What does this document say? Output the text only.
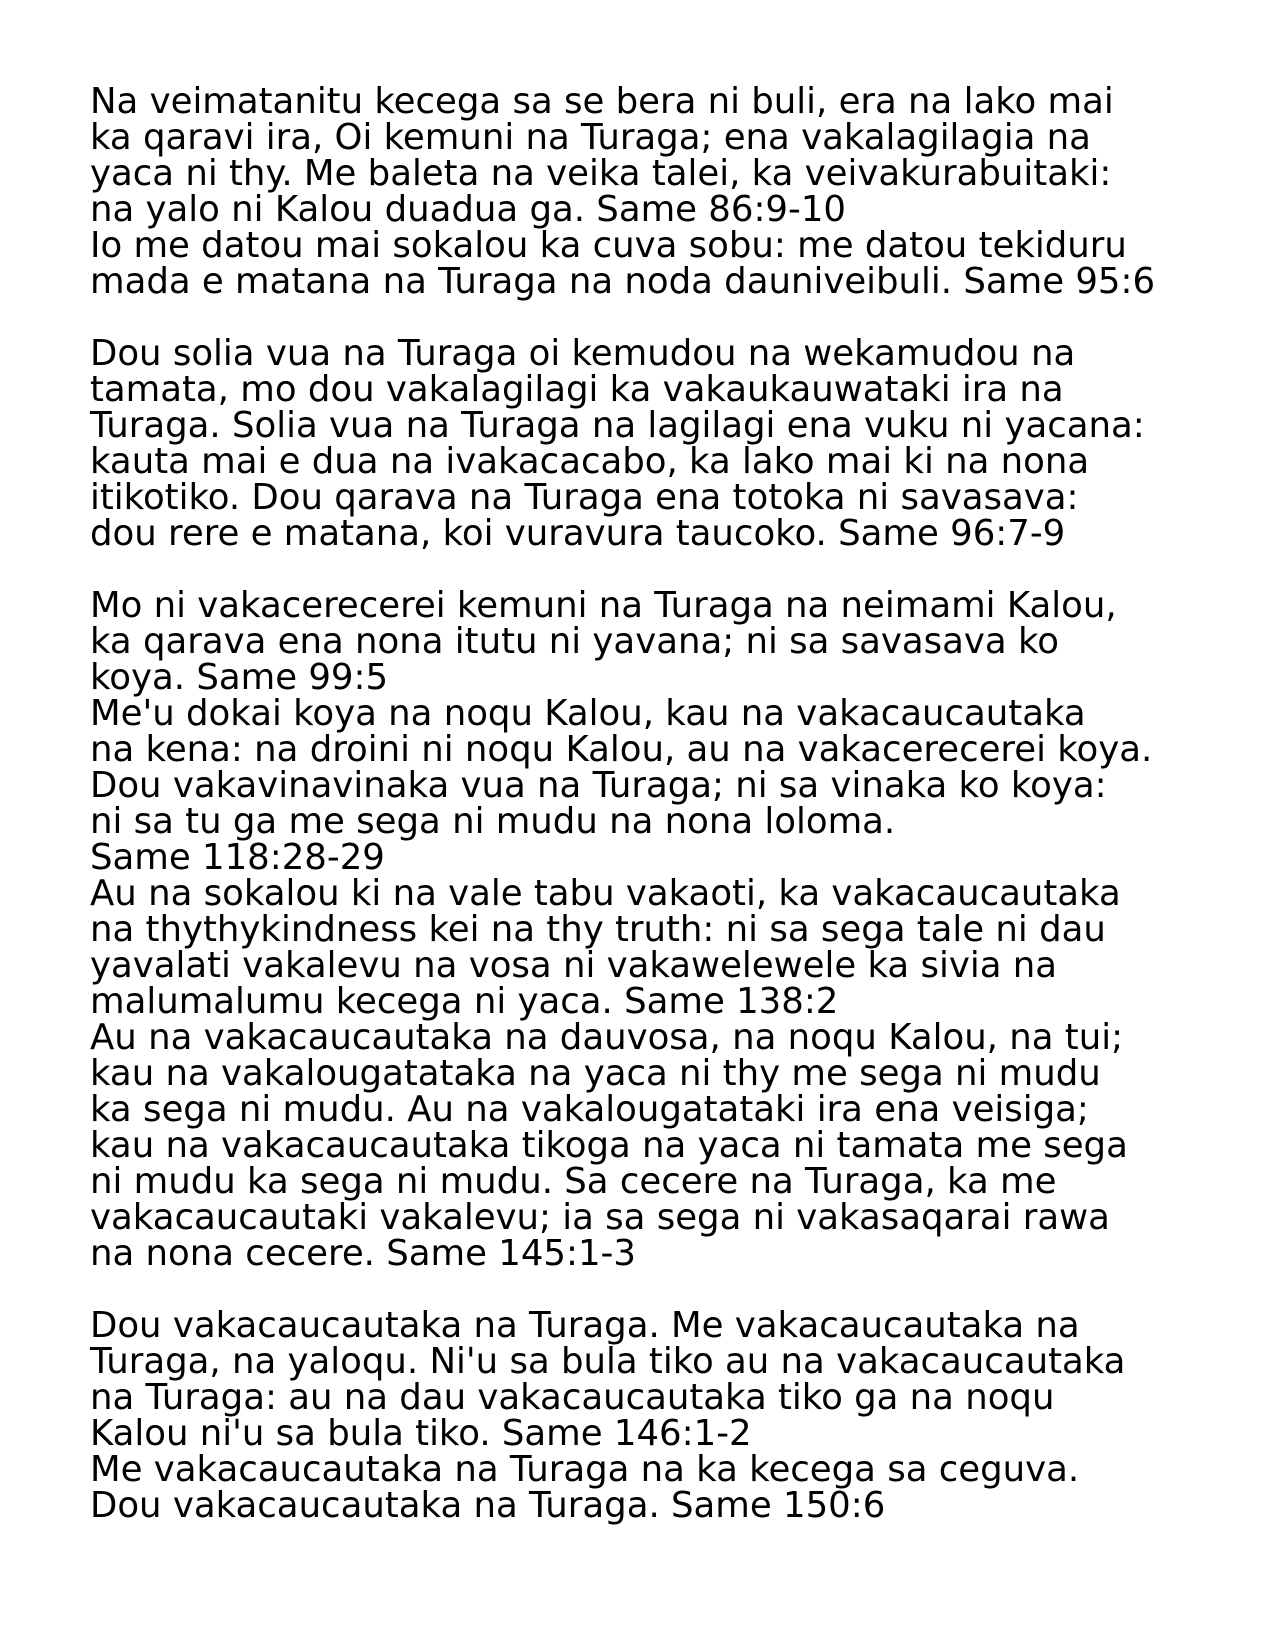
Na veimatanitu kecega sa se bera ni buli, era na lako mai
ka qaravi ira, Oi kemuni na Turaga; ena vakalagilagia na
yaca ni thy. Me baleta na veika talei, ka veivakurabuitaki:
na yalo ni Kalou duadua ga. Same 86:9-10
Io me datou mai sokalou ka cuva sobu: me datou tekiduru
mada e matana na Turaga na noda dauniveibuli. Same 95:6
Dou solia vua na Turaga oi kemudou na wekamudou na
tamata, mo dou vakalagilagi ka vakaukauwataki ira na
Turaga. Solia vua na Turaga na lagilagi ena vuku ni yacana:
kauta mai e dua na ivakacacabo, ka lako mai ki na nona
itikotiko. Dou qarava na Turaga ena totoka ni savasava:
dou rere e matana, koi vuravura taucoko. Same 96:7-9
Mo ni vakacerecerei kemuni na Turaga na neimami Kalou,
ka qarava ena nona itutu ni yavana; ni sa savasava ko
koya. Same 99:5
Me'u dokai koya na noqu Kalou, kau na vakacaucautaka
na kena: na droini ni noqu Kalou, au na vakacerecerei koya.
Dou vakavinavinaka vua na Turaga; ni sa vinaka ko koya:
ni sa tu ga me sega ni mudu na nona loloma.
Same 118:28-29
Au na sokalou ki na vale tabu vakaoti, ka vakacaucautaka
na thythykindness kei na thy truth: ni sa sega tale ni dau
yavalati vakalevu na vosa ni vakawelewele ka sivia na
malumalumu kecega ni yaca. Same 138:2
Au na vakacaucautaka na dauvosa, na noqu Kalou, na tui;
kau na vakalougatataka na yaca ni thy me sega ni mudu
ka sega ni mudu. Au na vakalougatataki ira ena veisiga;
kau na vakacaucautaka tikoga na yaca ni tamata me sega
ni mudu ka sega ni mudu. Sa cecere na Turaga, ka me
vakacaucautaki vakalevu; ia sa sega ni vakasaqarai rawa
na nona cecere. Same 145:1-3
Dou vakacaucautaka na Turaga. Me vakacaucautaka na
Turaga, na yaloqu. Ni'u sa bula tiko au na vakacaucautaka
na Turaga: au na dau vakacaucautaka tiko ga na noqu
Kalou ni'u sa bula tiko. Same 146:1-2
Me vakacaucautaka na Turaga na ka kecega sa ceguva.
Dou vakacaucautaka na Turaga. Same 150:6
